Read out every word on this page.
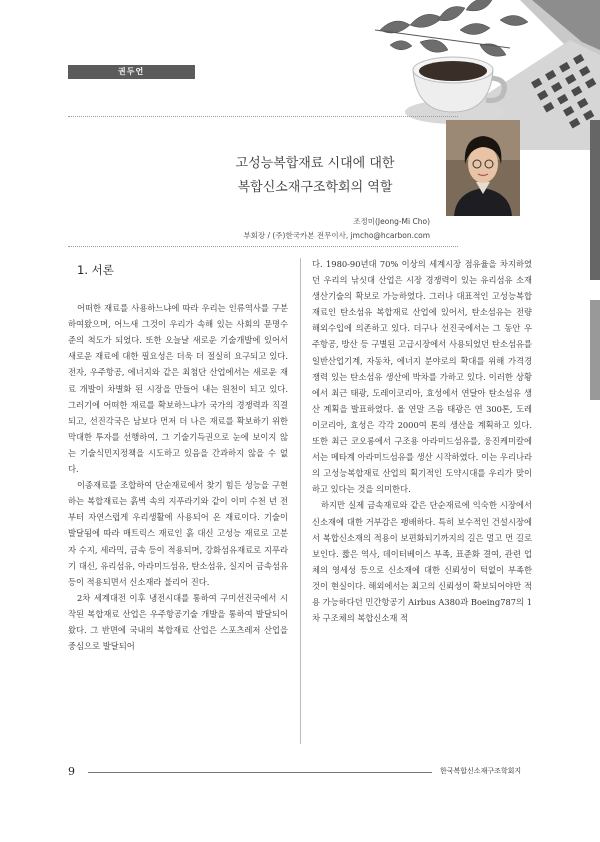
권두언
고성능복합재료 시대에 대한
복합신소재구조학회의 역할
조정미(Jeong-Mi Cho)
부회장 / (주)한국카본 전무이사, jmcho@hcarbon.com
1. 서론

어떠한 재료를 사용하느냐에 따라 우리는 인류역사를 구분하여왔으며, 어느새 그것이 우리가 속해 있는 사회의 문명수준의 척도가 되었다. 또한 오늘날 새로운 기술개발에 있어서 새로운 재료에 대한 필요성은 더욱 더 절실히 요구되고 있다. 전자, 우주항공, 에너지와 같은 최첨단 산업에서는 새로운 재료 개발이 차별화 된 시장을 만들어 내는 원천이 되고 있다. 그러기에 어떠한 재료를 확보하느냐가 국가의 경쟁력과 직결되고, 선진각국은 남보다 먼저 더 나은 재료를 확보하기 위한 막대한 투자를 선행하여, 그 기술기득권으로 눈에 보이지 않는 기술식민지정책을 시도하고 있음을 간과하지 않을 수 없다.

이종재료를 조합하여 단순재료에서 찾기 힘든 성능을 구현하는 복합재료는 흙벽 속의 지푸라기와 같이 이미 수천 년 전부터 자연스럽게 우리생활에 사용되어 온 재료이다. 기술이 발달됨에 따라 매트릭스 재료인 흙 대신 고성능 재료로 고분자 수지, 세라믹, 금속 등이 적용되며, 강화섬유재료로 지푸라기 대신, 유리섬유, 아라미드섬유, 탄소섬유, 실지어 금속섬유 등이 적용되면서 신소재라 불리어 진다.

2차 세계대전 이후 냉전시대를 통하여 구미선진국에서 시작된 복합재료 산업은 우주항공기술 개발을 통하여 발달되어 왔다. 그 반면에 국내의 복합재료 산업은 스포츠레저 산업을 중심으로 발달되어

다. 1980-90년대 70% 이상의 세계시장 점유율을 차지하였던 우리의 낚싯대 산업은 시장 경쟁력이 있는 유리섬유 소재생산기술의 확보로 가능하였다. 그러나 대표적인 고성능복합재료인 탄소섬유 복합재료 산업에 있어서, 탄소섬유는 전량 해외수입에 의존하고 있다. 더구나 선진국에서는 그 동안 우주항공, 방산 등 구별된 고급시장에서 사용되었던 탄소섬유를 일반산업기계, 자동차, 에너지 분야로의 확대를 위해 가격경쟁력 있는 탄소섬유 생산에 박차를 가하고 있다. 이러한 상황에서 최근 태광, 도레이코리아, 효성에서 연달아 탄소섬유 생산 계획을 발표하였다. 올 연말 즈음 태광은 연 300톤, 도레이코리아, 효성은 각각 2000여 톤의 생산을 계획하고 있다. 또한 최근 코오롱에서 구조용 아라미드섬유를, 웅진케미칼에서는 메타계 아라미드섬유를 생산 시작하였다. 이는 우리나라의 고성능복합재료 산업의 획기적인 도약시대를 우리가 맞이하고 있다는 것을 의미한다.

하지만 실제 금속재료와 같은 단순재료에 익숙한 시장에서 신소재에 대한 거부감은 팽배하다. 특히 보수적인 건설시장에서 복합신소재의 적용이 보편화되기까지의 길은 멀고 먼 길로 보인다. 짧은 역사, 데이터베이스 부족, 표준화 결여, 관련 업체의 영세성 등으로 신소재에 대한 신뢰성이 턱없이 부족한 것이 현실이다. 해외에서는 최고의 신뢰성이 확보되어야만 적용 가능하다던 민간항공기 Airbus A380과 Boeing787의 1차 구조체의 복합신소재 적

9	한국복합신소재구조학회지
